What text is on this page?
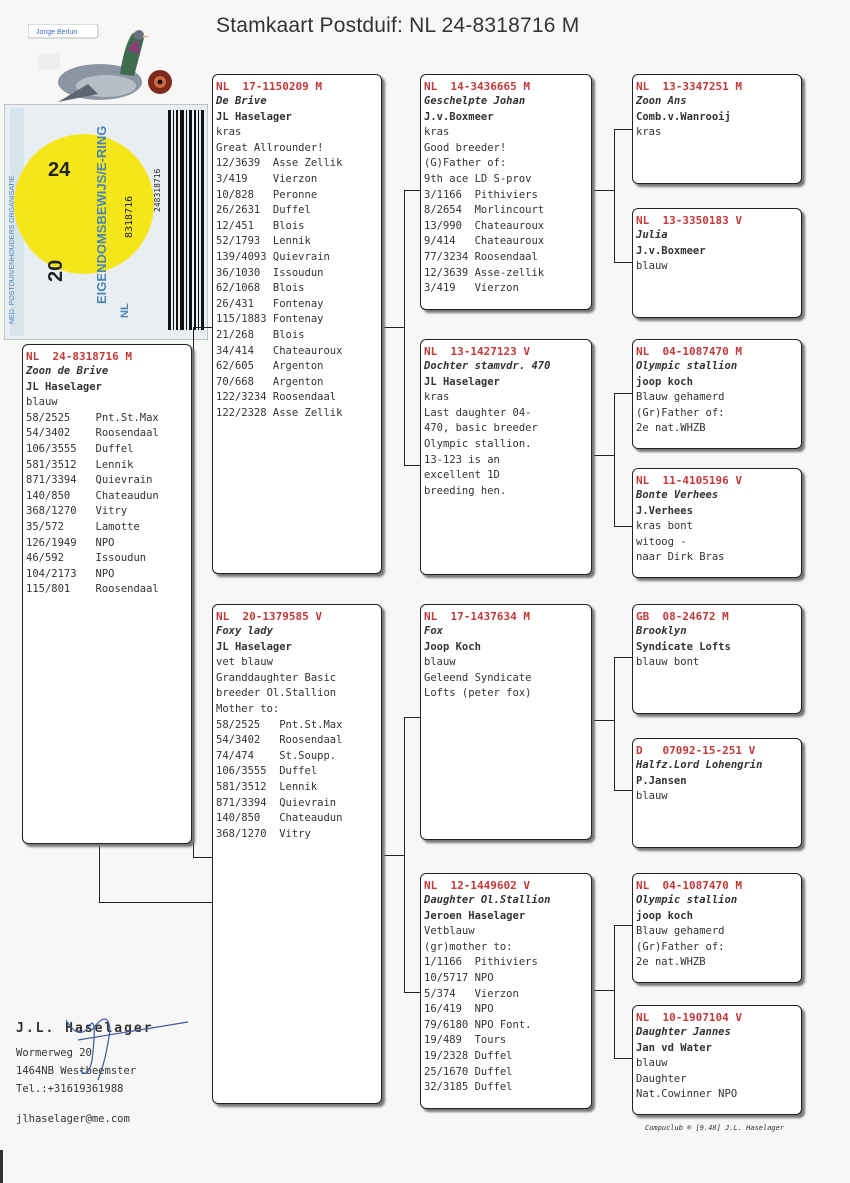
Stamkaart Postduif: NL 24-8318716 M
Jonge Berlun
NED. POSTDUIVENHOUDERS ORGANISATIE
24
20 EIGENDOMSBEWIJS/E-RING 8318716
NL
248318716
NL  24-8318716 M
Zoon de Brive
JL Haselager
blauw
58/2525    Pnt.St.Max
54/3402    Roosendaal
106/3555   Duffel
581/3512   Lennik
871/3394   Quievrain
140/850    Chateaudun
368/1270   Vitry
35/572     Lamotte
126/1949   NPO
46/592     Issoudun
104/2173   NPO
115/801    Roosendaal
NL  17-1150209 M
De Brive
JL Haselager
kras
Great Allrounder!
12/3639  Asse Zellik
3/419    Vierzon
10/828   Peronne
26/2631  Duffel
12/451   Blois
52/1793  Lennik
139/4093 Quievrain
36/1030  Issoudun
62/1068  Blois
26/431   Fontenay
115/1883 Fontenay
21/268   Blois
34/414   Chateauroux
62/605   Argenton
70/668   Argenton
122/3234 Roosendaal
122/2328 Asse Zellik
NL  20-1379585 V
Foxy lady
JL Haselager
vet blauw
Granddaughter Basic
breeder Ol.Stallion
Mother to:
58/2525   Pnt.St.Max
54/3402   Roosendaal
74/474    St.Soupp.
106/3555  Duffel
581/3512  Lennik
871/3394  Quievrain
140/850   Chateaudun
368/1270  Vitry
NL  14-3436665 M
Geschelpte Johan
J.v.Boxmeer
kras
Good breeder!
(G)Father of:
9th ace LD S-prov
3/1166  Pithiviers
8/2654  Morlincourt
13/990  Chateauroux
9/414   Chateauroux
77/3234 Roosendaal
12/3639 Asse-zellik
3/419   Vierzon
NL  13-1427123 V
Dochter stamvdr. 470
JL Haselager
kras
Last daughter 04-
470, basic breeder
Olympic stallion.
13-123 is an
excellent 1D
breeding hen.
NL  17-1437634 M
Fox
Joop Koch
blauw
Geleend Syndicate
Lofts (peter fox)
NL  12-1449602 V
Daughter Ol.Stallion
Jeroen Haselager
Vetblauw
(gr)mother to:
1/1166  Pithiviers
10/5717 NPO
5/374   Vierzon
16/419  NPO
79/6180 NPO Font.
19/489  Tours
19/2328 Duffel
25/1670 Duffel
32/3185 Duffel
NL  13-3347251 M
Zoon Ans
Comb.v.Wanrooij
kras
NL  13-3350183 V
Julia
J.v.Boxmeer
blauw
NL  04-1087470 M
Olympic stallion
joop koch
Blauw gehamerd
(Gr)Father of:
2e nat.WHZB
NL  11-4105196 V
Bonte Verhees
J.Verhees
kras bont
witoog -
naar Dirk Bras
GB  08-24672 M
Brooklyn
Syndicate Lofts
blauw bont
D   07092-15-251 V
Halfz.Lord Lohengrin
P.Jansen
blauw
NL  04-1087470 M
Olympic stallion
joop koch
Blauw gehamerd
(Gr)Father of:
2e nat.WHZB
NL  10-1907104 V
Daughter Jannes
Jan vd Water
blauw
Daughter
Nat.Cowinner NPO
J.L. Haselager
Wormerweg 20
1464NB Westbeemster
Tel.:+31619361988
jlhaselager@me.com
Compuclub ® [9.48] J.L. Haselager
